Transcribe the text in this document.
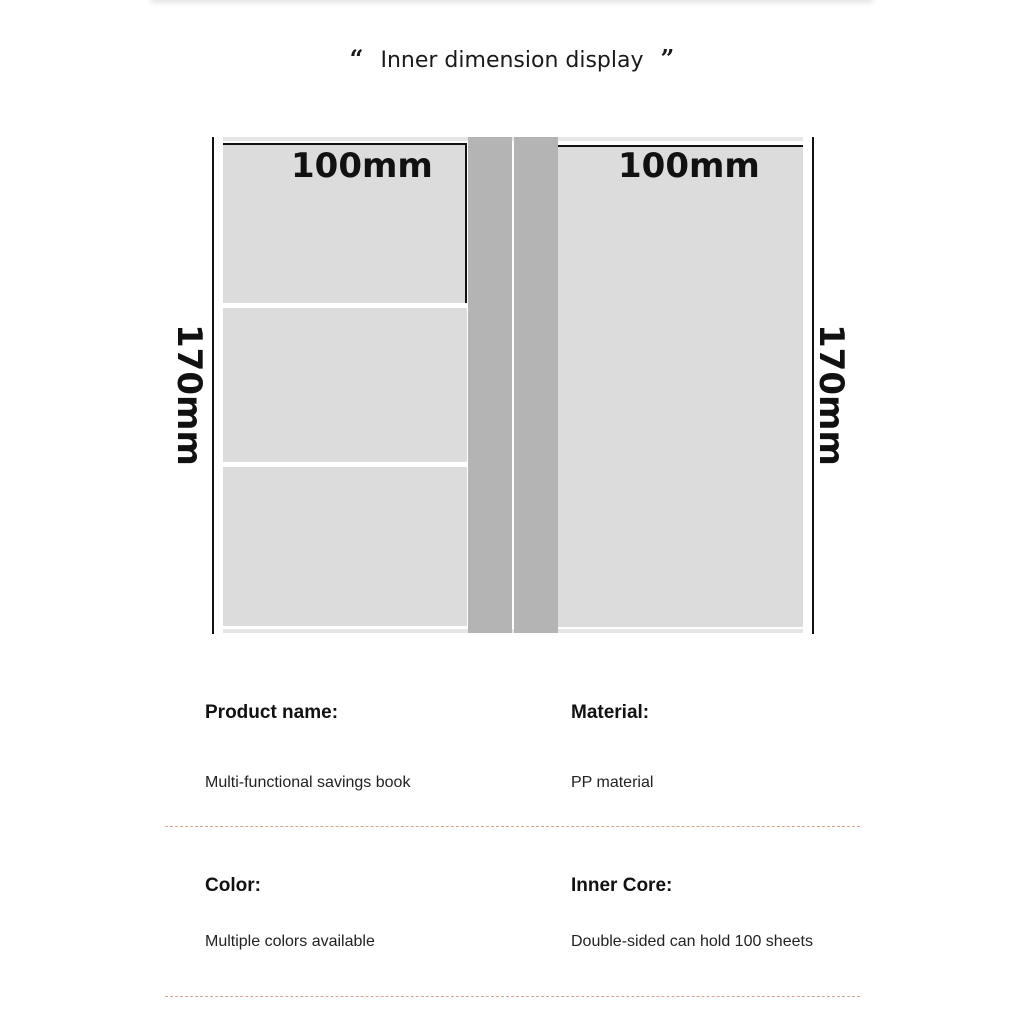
“ Inner dimension display ”
100mm	100mm
170mm	170mm
Product name:
Multi-functional savings book
Material:
PP material
Color:
Multiple colors available
Inner Core:
Double-sided can hold 100 sheets
